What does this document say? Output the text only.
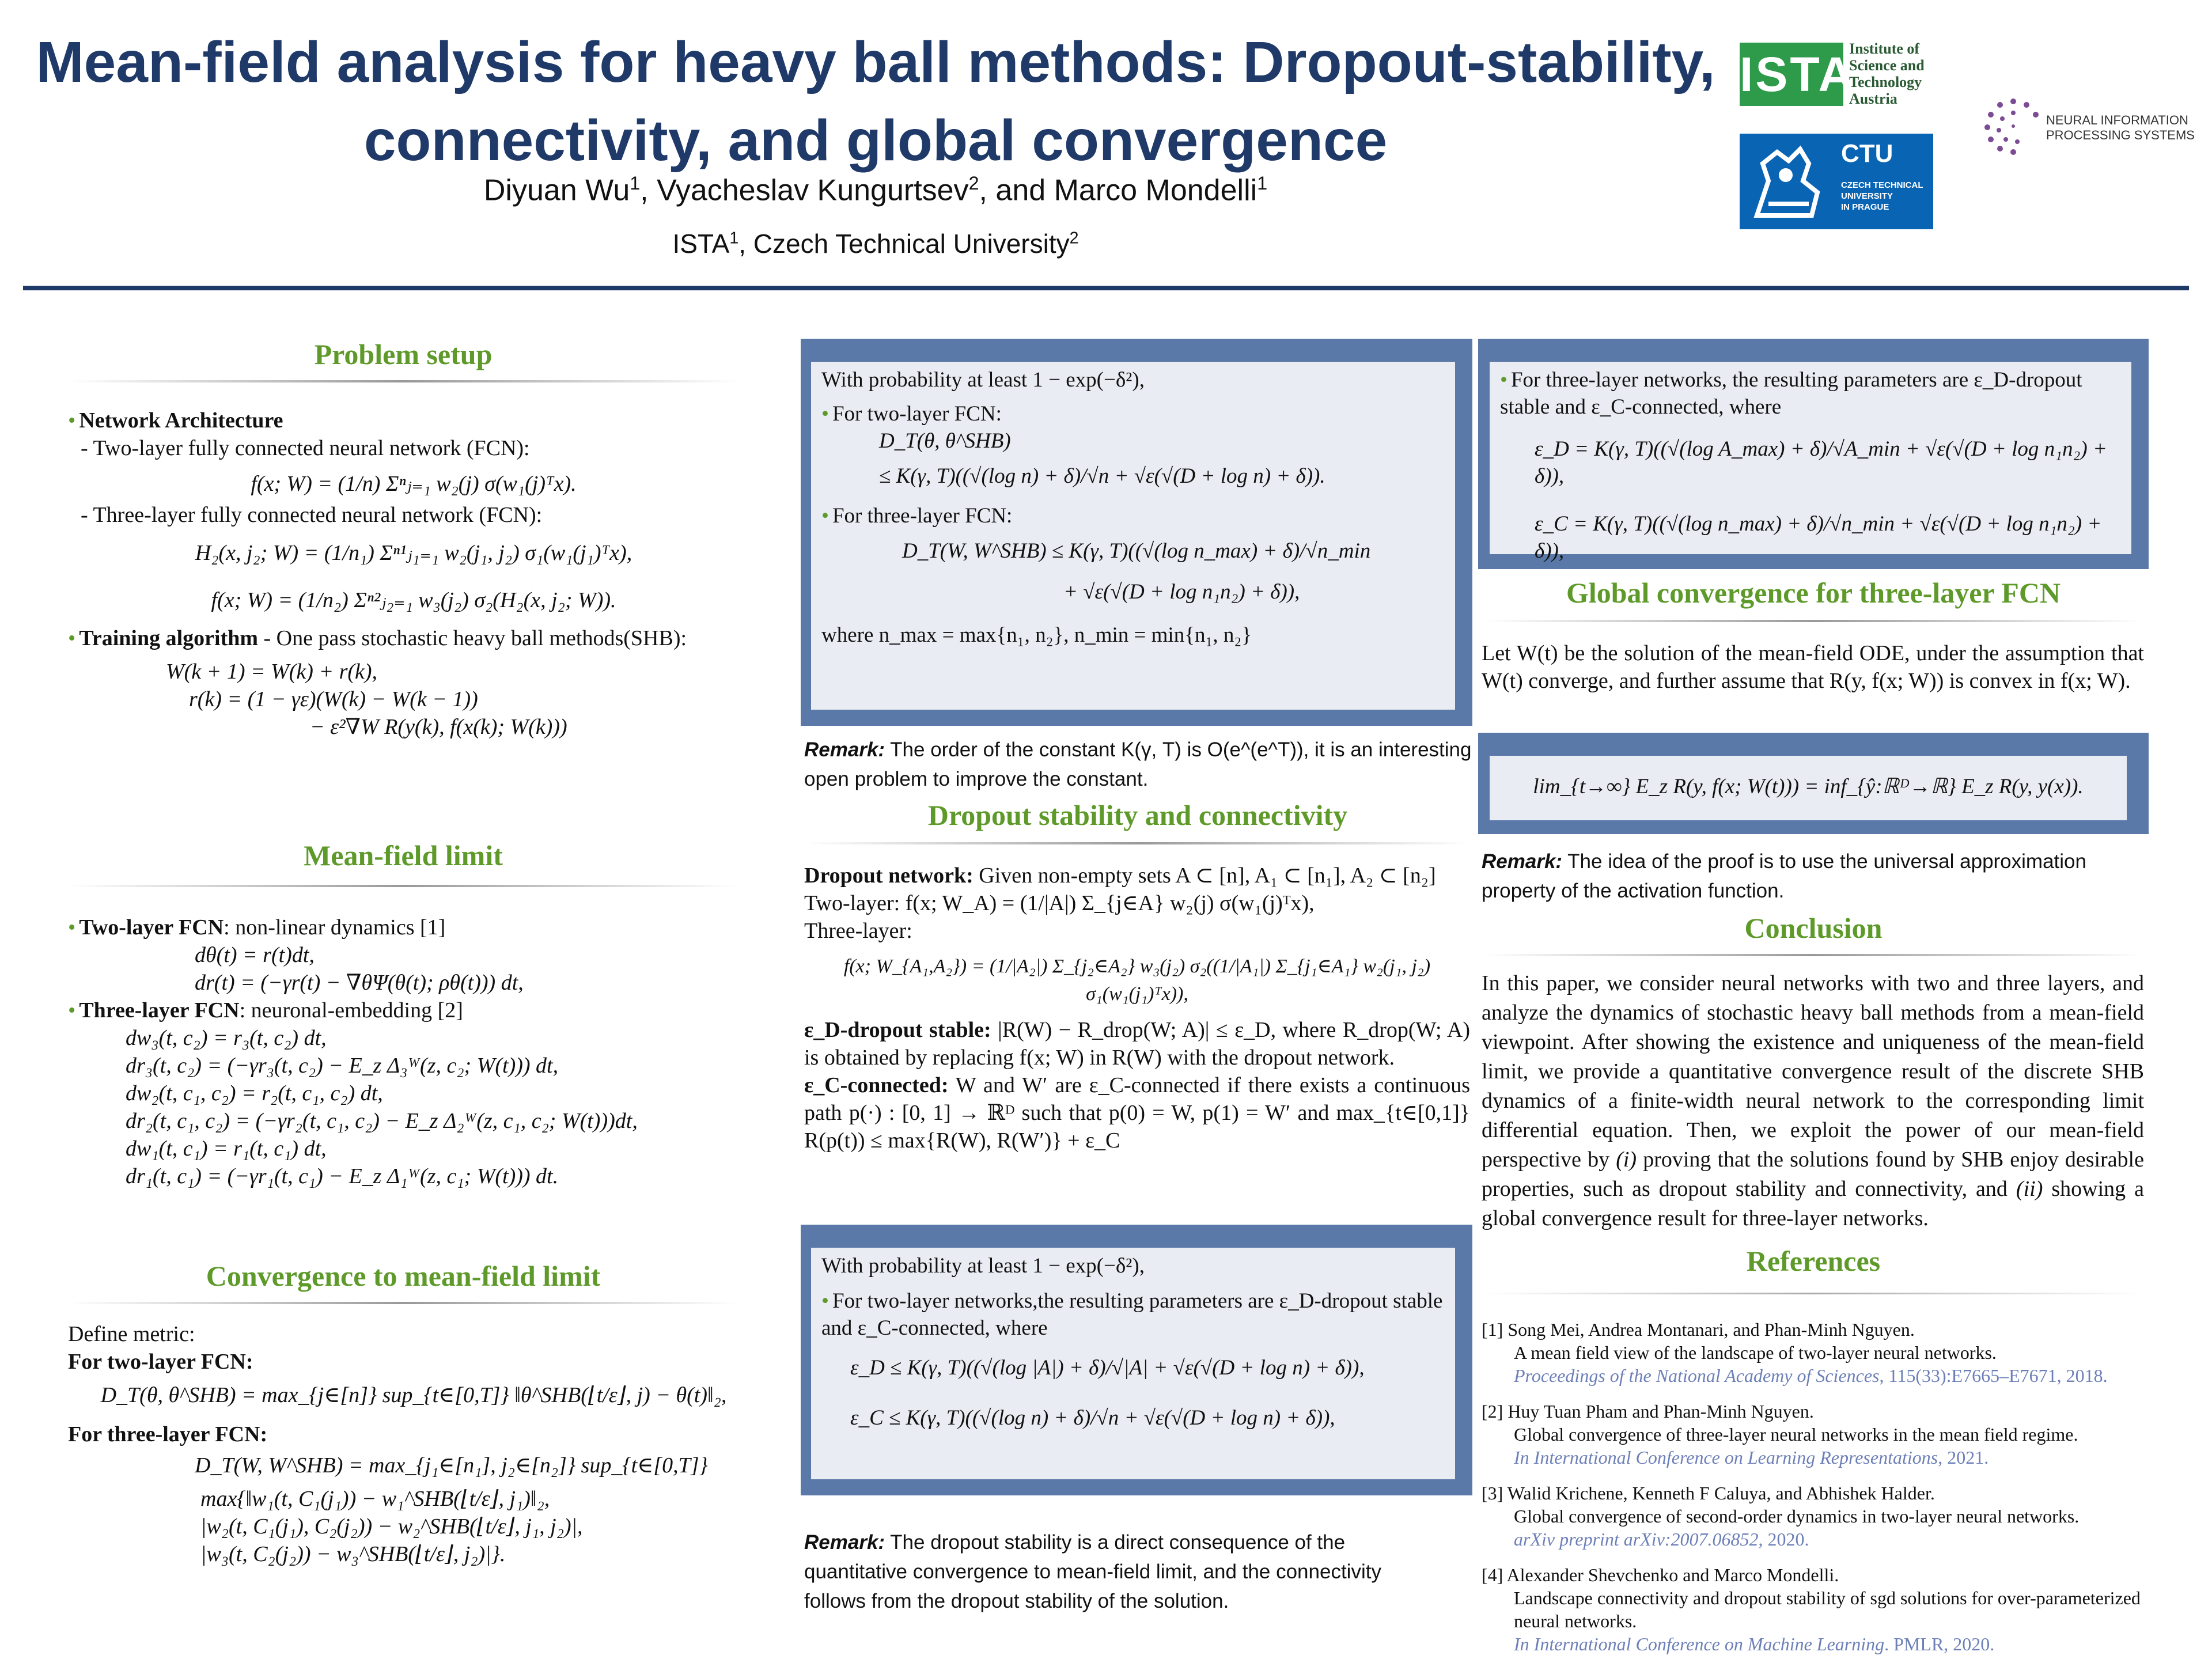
Mean-field analysis for heavy ball methods: Dropout-stability,
connectivity, and global convergence
Diyuan Wu$^1$, Vyacheslav Kungurtsev$^2$, and Marco Mondelli$^1$
ISTA$^1$, Czech Technical University$^2$
ISTA
Institute of
Science and
Technology
Austria
CTU
CZECH TECHNICAL
UNIVERSITY
IN PRAGUE
NEURAL INFORMATION
PROCESSING SYSTEMS
Problem setup
• Network Architecture
- Two-layer fully connected neural network (FCN):
f(x; W) = (1/n) Σⁿⱼ₌₁ w₂(j) σ(w₁(j)ᵀx).
- Three-layer fully connected neural network (FCN):
H₂(x, j₂; W) = (1/n₁) Σⁿ¹ⱼ₁₌₁ w₂(j₁, j₂) σ₁(w₁(j₁)ᵀx),
f(x; W) = (1/n₂) Σⁿ²ⱼ₂₌₁ w₃(j₂) σ₂(H₂(x, j₂; W)).
• Training algorithm - One pass stochastic heavy ball methods(SHB):
W(k + 1) = W(k) + r(k),
r(k) = (1 − γε)(W(k) − W(k − 1))
− ε²∇W R(y(k), f(x(k); W(k)))
Mean-field limit
• Two-layer FCN: non-linear dynamics [1]
dθ(t) = r(t)dt,
dr(t) = (−γr(t) − ∇θΨ(θ(t); ρθ(t))) dt,
• Three-layer FCN: neuronal-embedding [2]
dw₃(t, c₂) = r₃(t, c₂) dt,
dr₃(t, c₂) = (−γr₃(t, c₂) − E_z Δ₃ᵂ(z, c₂; W(t))) dt,
dw₂(t, c₁, c₂) = r₂(t, c₁, c₂) dt,
dr₂(t, c₁, c₂) = (−γr₂(t, c₁, c₂) − E_z Δ₂ᵂ(z, c₁, c₂; W(t)))dt,
dw₁(t, c₁) = r₁(t, c₁) dt,
dr₁(t, c₁) = (−γr₁(t, c₁) − E_z Δ₁ᵂ(z, c₁; W(t))) dt.
Convergence to mean-field limit
Define metric:
For two-layer FCN:
D_T(θ, θ^SHB) = max_{j∈[n]} sup_{t∈[0,T]} ‖θ^SHB(⌊t/ε⌋, j) − θ(t)‖₂,
For three-layer FCN:
D_T(W, W^SHB) = max_{j₁∈[n₁], j₂∈[n₂]} sup_{t∈[0,T]}
max{‖w₁(t, C₁(j₁)) − w₁^SHB(⌊t/ε⌋, j₁)‖₂,
|w₂(t, C₁(j₁), C₂(j₂)) − w₂^SHB(⌊t/ε⌋, j₁, j₂)|,
|w₃(t, C₂(j₂)) − w₃^SHB(⌊t/ε⌋, j₂)|}.
With probability at least 1 − exp(−δ²),
• For two-layer FCN:
D_T(θ, θ^SHB)
≤ K(γ, T)((√(log n) + δ)/√n + √ε(√(D + log n) + δ)).
• For three-layer FCN:
D_T(W, W^SHB) ≤ K(γ, T)((√(log n_max) + δ)/√n_min
+ √ε(√(D + log n₁n₂) + δ)),
where n_max = max{n₁, n₂}, n_min = min{n₁, n₂}
Remark: The order of the constant K(γ, T) is O(e^(e^T)), it is an interesting open problem to improve the constant.
Dropout stability and connectivity
Dropout network: Given non-empty sets A ⊂ [n], A₁ ⊂ [n₁], A₂ ⊂ [n₂]
Two-layer: f(x; W_A) = (1/|A|) Σ_{j∈A} w₂(j) σ(w₁(j)ᵀx),
Three-layer:
f(x; W_{A₁,A₂}) = (1/|A₂|) Σ_{j₂∈A₂} w₃(j₂) σ₂((1/|A₁|) Σ_{j₁∈A₁} w₂(j₁, j₂) σ₁(w₁(j₁)ᵀx)),
ε_D-dropout stable: |R(W) − R_drop(W; A)| ≤ ε_D, where R_drop(W; A) is obtained by replacing f(x; W) in R(W) with the dropout network.
ε_C-connected: W and W′ are ε_C-connected if there exists a continuous path p(·) : [0, 1] → ℝᴰ such that p(0) = W, p(1) = W′ and max_{t∈[0,1]} R(p(t)) ≤ max{R(W), R(W′)} + ε_C
With probability at least 1 − exp(−δ²),
• For two-layer networks,the resulting parameters are ε_D-dropout stable and ε_C-connected, where
ε_D ≤ K(γ, T)((√(log |A|) + δ)/√|A| + √ε(√(D + log n) + δ)),
ε_C ≤ K(γ, T)((√(log n) + δ)/√n + √ε(√(D + log n) + δ)),
Remark: The dropout stability is a direct consequence of the quantitative convergence to mean-field limit, and the connectivity follows from the dropout stability of the solution.
• For three-layer networks, the resulting parameters are ε_D-dropout stable and ε_C-connected, where
ε_D = K(γ, T)((√(log A_max) + δ)/√A_min + √ε(√(D + log n₁n₂) + δ)),
ε_C = K(γ, T)((√(log n_max) + δ)/√n_min + √ε(√(D + log n₁n₂) + δ)),
Global convergence for three-layer FCN
Let W(t) be the solution of the mean-field ODE, under the assumption that W(t) converge, and further assume that R(y, f(x; W)) is convex in f(x; W).
lim_{t→∞} E_z R(y, f(x; W(t))) = inf_{ŷ:ℝᴰ→ℝ} E_z R(y, y(x)).
Remark: The idea of the proof is to use the universal approximation property of the activation function.
Conclusion
In this paper, we consider neural networks with two and three layers, and analyze the dynamics of stochastic heavy ball methods from a mean-field viewpoint. After showing the existence and uniqueness of the mean-field limit, we provide a quantitative convergence result of the discrete SHB dynamics of a finite-width neural network to the corresponding limit differential equation. Then, we exploit the power of our mean-field perspective by (i) proving that the solutions found by SHB enjoy desirable properties, such as dropout stability and connectivity, and (ii) showing a global convergence result for three-layer networks.
References
[1] Song Mei, Andrea Montanari, and Phan-Minh Nguyen.
A mean field view of the landscape of two-layer neural networks.
Proceedings of the National Academy of Sciences, 115(33):E7665–E7671, 2018.
[2] Huy Tuan Pham and Phan-Minh Nguyen.
Global convergence of three-layer neural networks in the mean field regime.
In International Conference on Learning Representations, 2021.
[3] Walid Krichene, Kenneth F Caluya, and Abhishek Halder.
Global convergence of second-order dynamics in two-layer neural networks.
arXiv preprint arXiv:2007.06852, 2020.
[4] Alexander Shevchenko and Marco Mondelli.
Landscape connectivity and dropout stability of sgd solutions for over-parameterized neural networks.
In International Conference on Machine Learning. PMLR, 2020.
